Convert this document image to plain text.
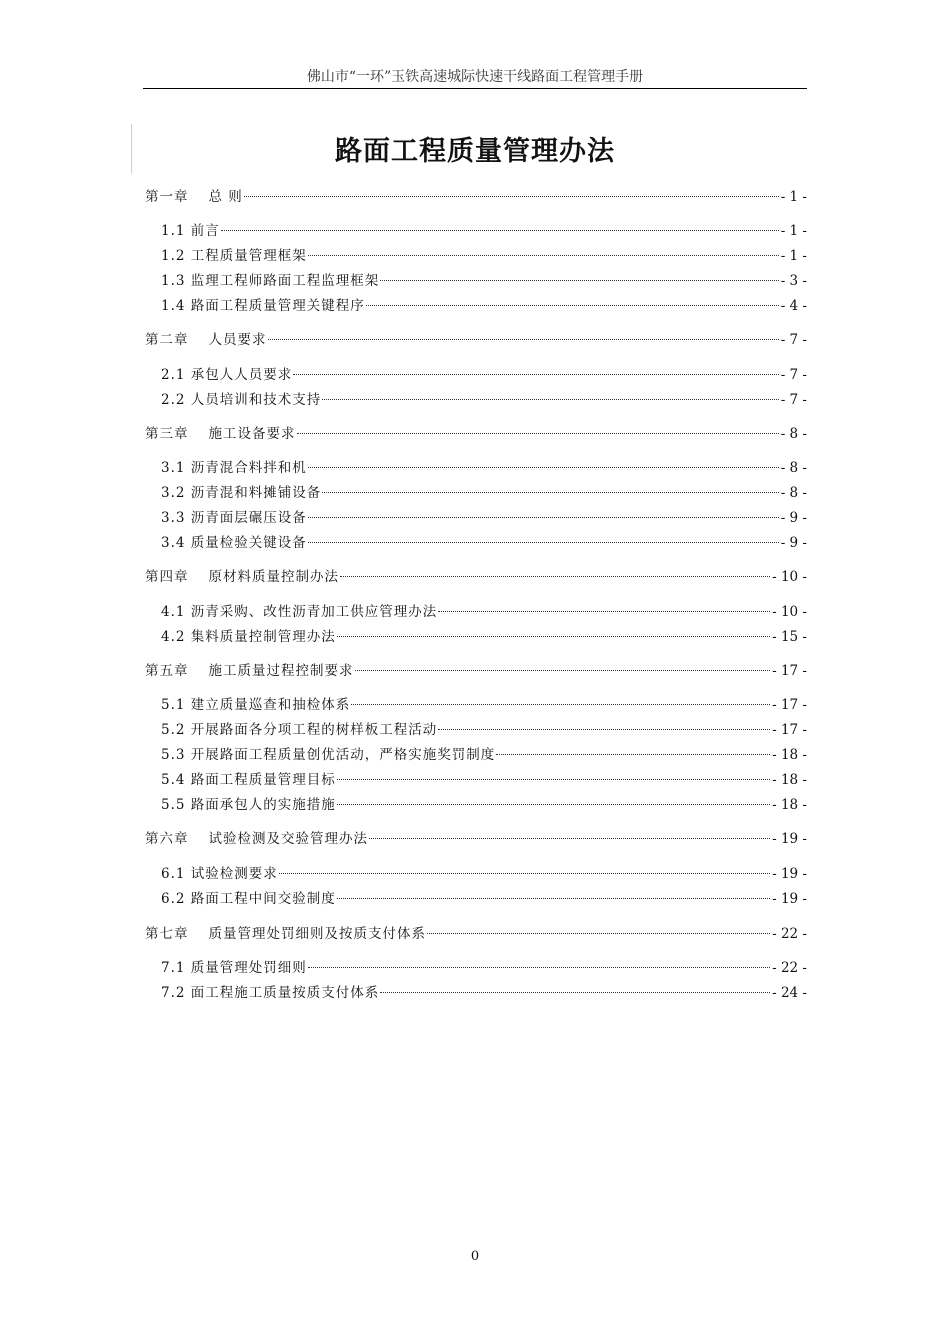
佛山市“一环”玉铁高速城际快速干线路面工程管理手册
路面工程质量管理办法
第一章 总 则	- 1 -
1.1 前言	- 1 -
1.2 工程质量管理框架	- 1 -
1.3 监理工程师路面工程监理框架	- 3 -
1.4 路面工程质量管理关键程序	- 4 -
第二章 人员要求	- 7 -
2.1 承包人人员要求	- 7 -
2.2 人员培训和技术支持	- 7 -
第三章 施工设备要求	- 8 -
3.1 沥青混合料拌和机	- 8 -
3.2 沥青混和料摊铺设备	- 8 -
3.3 沥青面层碾压设备	- 9 -
3.4 质量检验关键设备	- 9 -
第四章 原材料质量控制办法	- 10 -
4.1 沥青采购、改性沥青加工供应管理办法	- 10 -
4.2 集料质量控制管理办法	- 15 -
第五章 施工质量过程控制要求	- 17 -
5.1 建立质量巡查和抽检体系	- 17 -
5.2 开展路面各分项工程的树样板工程活动	- 17 -
5.3 开展路面工程质量创优活动，严格实施奖罚制度	- 18 -
5.4 路面工程质量管理目标	- 18 -
5.5 路面承包人的实施措施	- 18 -
第六章 试验检测及交验管理办法	- 19 -
6.1 试验检测要求	- 19 -
6.2 路面工程中间交验制度	- 19 -
第七章 质量管理处罚细则及按质支付体系	- 22 -
7.1 质量管理处罚细则	- 22 -
7.2 面工程施工质量按质支付体系	- 24 -
0
